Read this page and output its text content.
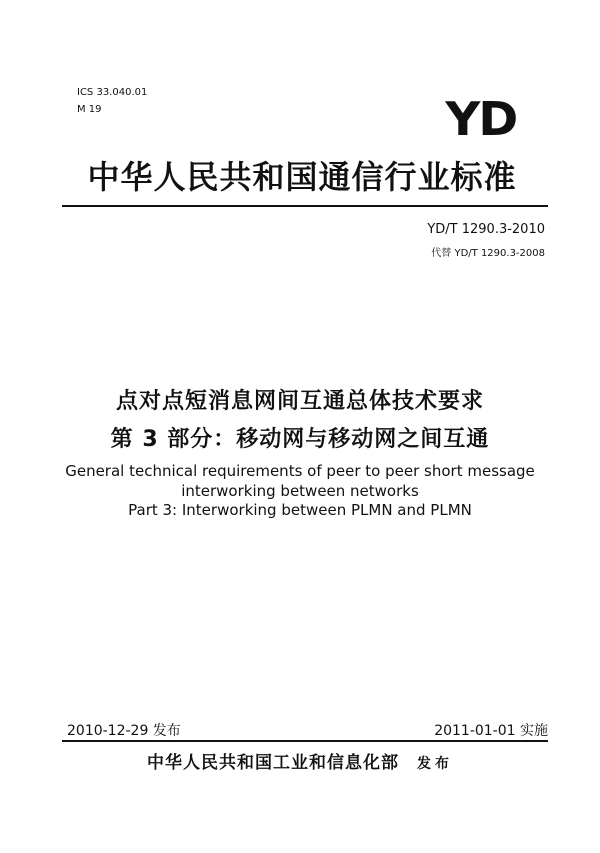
ICS 33.040.01
M 19	YD
中华人民共和国通信行业标准
YD/T 1290.3-2010
代替 YD/T 1290.3-2008
点对点短消息网间互通总体技术要求
第 3 部分：移动网与移动网之间互通
General technical requirements of peer to peer short message
interworking between networks
Part 3: Interworking between PLMN and PLMN
2010-12-29 发布	2011-01-01 实施
中华人民共和国工业和信息化部 发布
